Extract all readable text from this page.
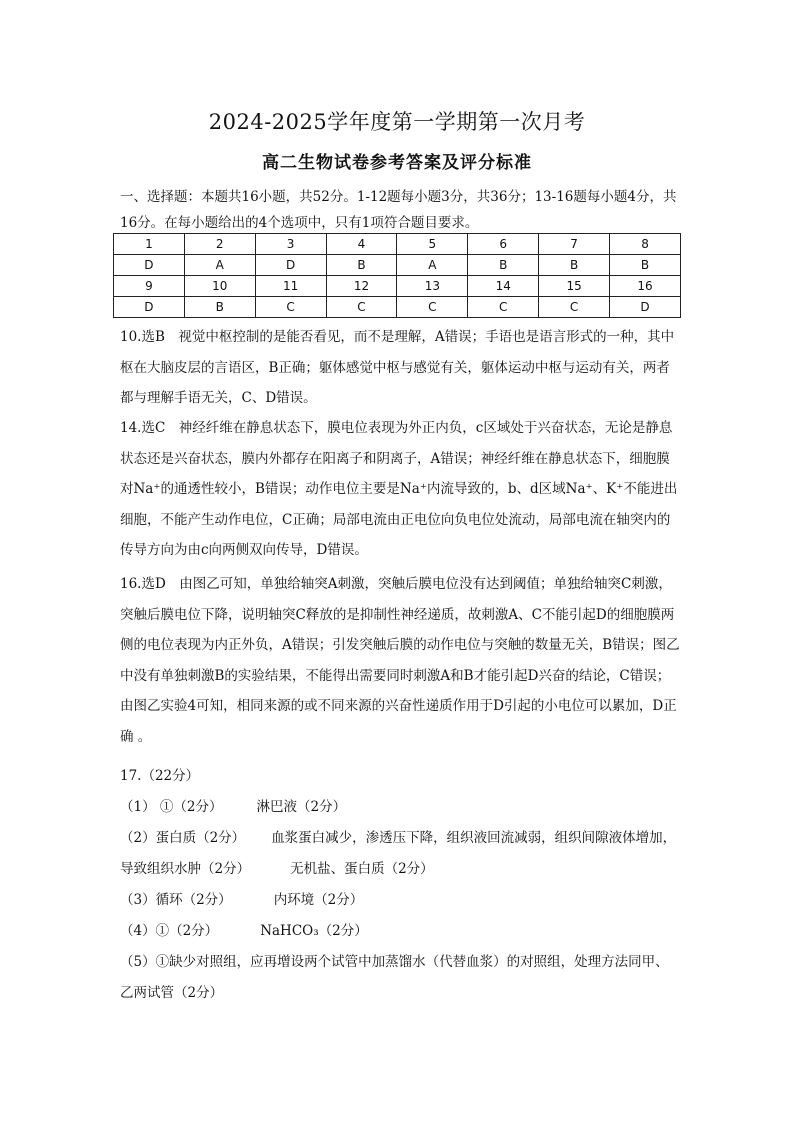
2024-2025学年度第一学期第一次月考
高二生物试卷参考答案及评分标准

一、选择题：本题共16小题，共52分。1-12题每小题3分，共36分；13-16题每小题4分，共16分。在每小题给出的4个选项中，只有1项符合题目要求。

1	2	3	4	5	6	7	8
D	A	D	B	A	B	B	B
9	10	11	12	13	14	15	16
D	B	C	C	C	C	C	D

10.选B　视觉中枢控制的是能否看见，而不是理解，A错误；手语也是语言形式的一种，其中枢在大脑皮层的言语区，B正确；躯体感觉中枢与感觉有关，躯体运动中枢与运动有关，两者都与理解手语无关，C、D错误。

14.选C　神经纤维在静息状态下，膜电位表现为外正内负，c区域处于兴奋状态，无论是静息状态还是兴奋状态，膜内外都存在阳离子和阴离子，A错误；神经纤维在静息状态下，细胞膜对Na⁺的通透性较小，B错误；动作电位主要是Na⁺内流导致的，b、d区域Na⁺、K⁺不能进出细胞，不能产生动作电位，C正确；局部电流由正电位向负电位处流动，局部电流在轴突内的传导方向为由c向两侧双向传导，D错误。

16.选D　由图乙可知，单独给轴突A刺激，突触后膜电位没有达到阈值；单独给轴突C刺激，突触后膜电位下降，说明轴突C释放的是抑制性神经递质，故刺激A、C不能引起D的细胞膜两侧的电位表现为内正外负，A错误；引发突触后膜的动作电位与突触的数量无关，B错误；图乙中没有单独刺激B的实验结果，不能得出需要同时刺激A和B才能引起D兴奋的结论，C错误；由图乙实验4可知，相同来源的或不同来源的兴奋性递质作用于D引起的小电位可以累加，D正确 。

17.（22分）

（1） ①（2分）	淋巴液（2分）

（2）蛋白质（2分） 血浆蛋白减少，渗透压下降，组织液回流减弱，组织间隙液体增加，

导致组织水肿（2分）	无机盐、蛋白质（2分）

（3）循环（2分）	内环境（2分）

（4）①（2分）	NaHCO₃（2分）

（5）①缺少对照组，应再增设两个试管中加蒸馏水（代替血浆）的对照组，处理方法同甲、

乙两试管（2分）
